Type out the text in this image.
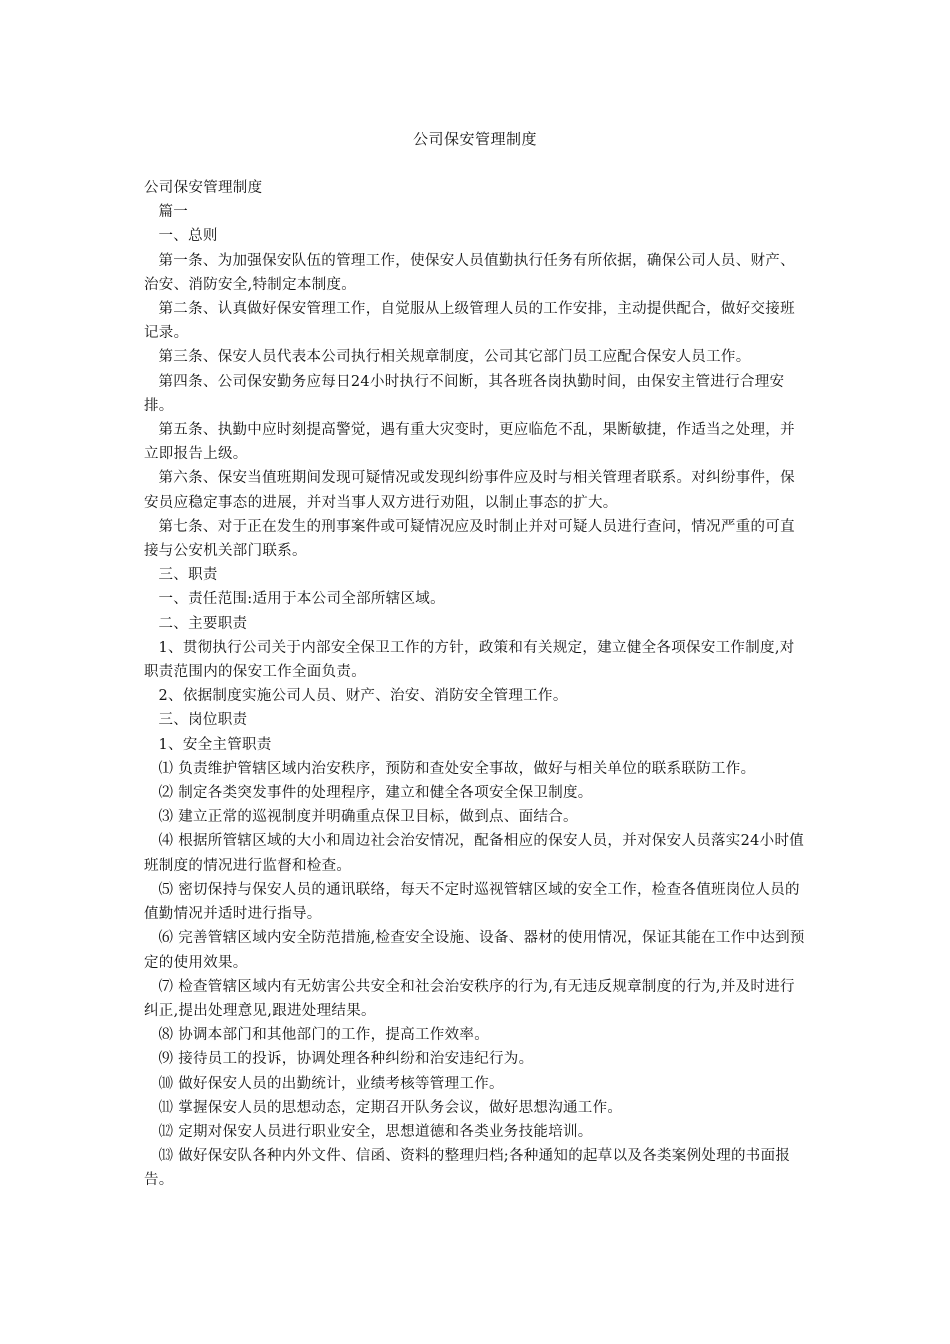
公司保安管理制度

公司保安管理制度

篇一

一、总则

第一条、为加强保安队伍的管理工作，使保安人员值勤执行任务有所依据，确保公司人员、财产、治安、消防安全,特制定本制度。

第二条、认真做好保安管理工作，自觉服从上级管理人员的工作安排，主动提供配合，做好交接班记录。

第三条、保安人员代表本公司执行相关规章制度，公司其它部门员工应配合保安人员工作。

第四条、公司保安勤务应每日24小时执行不间断，其各班各岗执勤时间，由保安主管进行合理安排。

第五条、执勤中应时刻提高警觉，遇有重大灾变时，更应临危不乱，果断敏捷，作适当之处理，并立即报告上级。

第六条、保安当值班期间发现可疑情况或发现纠纷事件应及时与相关管理者联系。对纠纷事件，保安员应稳定事态的进展，并对当事人双方进行劝阻，以制止事态的扩大。

第七条、对于正在发生的刑事案件或可疑情况应及时制止并对可疑人员进行查问，情况严重的可直接与公安机关部门联系。

三、职责

一、责任范围:适用于本公司全部所辖区域。

二、主要职责

1、贯彻执行公司关于内部安全保卫工作的方针，政策和有关规定，建立健全各项保安工作制度,对职责范围内的保安工作全面负责。

2、依据制度实施公司人员、财产、治安、消防安全管理工作。

三、岗位职责

1、安全主管职责

⑴ 负责维护管辖区域内治安秩序，预防和查处安全事故，做好与相关单位的联系联防工作。

⑵ 制定各类突发事件的处理程序，建立和健全各项安全保卫制度。

⑶ 建立正常的巡视制度并明确重点保卫目标，做到点、面结合。

⑷ 根据所管辖区域的大小和周边社会治安情况，配备相应的保安人员，并对保安人员落实24小时值班制度的情况进行监督和检查。

⑸ 密切保持与保安人员的通讯联络，每天不定时巡视管辖区域的安全工作，检查各值班岗位人员的值勤情况并适时进行指导。

⑹ 完善管辖区域内安全防范措施,检查安全设施、设备、器材的使用情况，保证其能在工作中达到预定的使用效果。

⑺ 检查管辖区域内有无妨害公共安全和社会治安秩序的行为,有无违反规章制度的行为,并及时进行纠正,提出处理意见,跟进处理结果。

⑻ 协调本部门和其他部门的工作，提高工作效率。

⑼ 接待员工的投诉，协调处理各种纠纷和治安违纪行为。

⑽ 做好保安人员的出勤统计，业绩考核等管理工作。

⑾ 掌握保安人员的思想动态，定期召开队务会议，做好思想沟通工作。

⑿ 定期对保安人员进行职业安全，思想道德和各类业务技能培训。

⒀ 做好保安队各种内外文件、信函、资料的整理归档;各种通知的起草以及各类案例处理的书面报告。
